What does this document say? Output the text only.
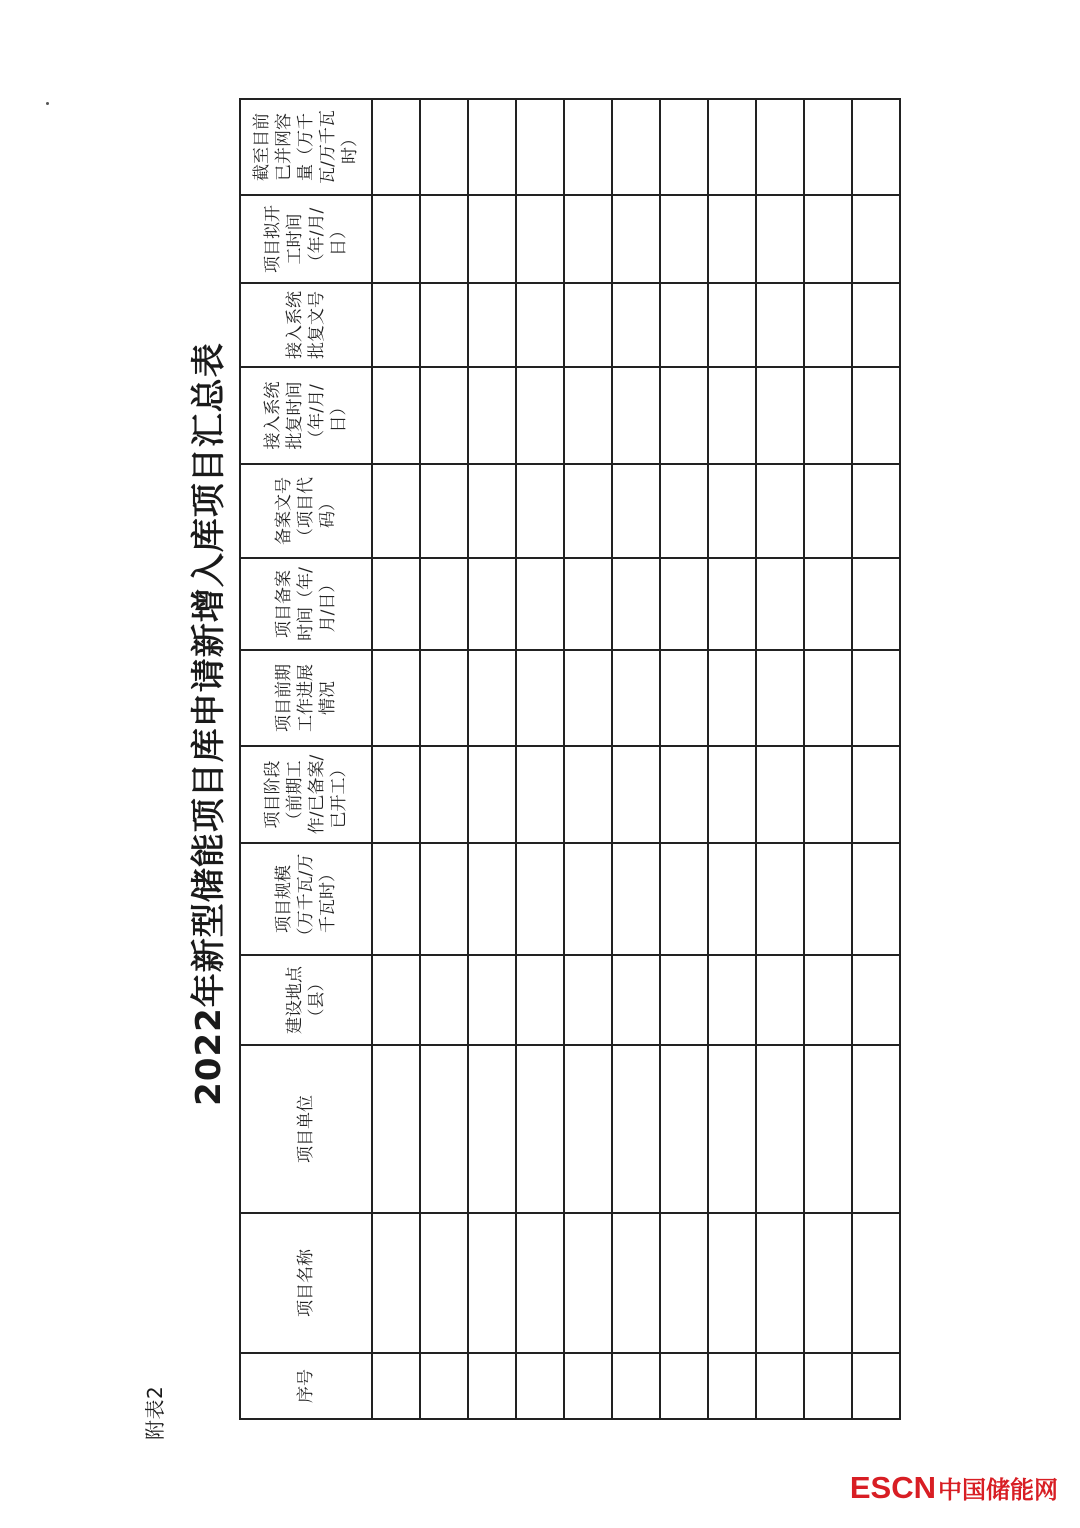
附表2
2022年新型储能项目库申请新增入库项目汇总表
序号	项目名称	项目单位	建设地点（县）	项目规模（万千瓦/万千瓦时）	项目阶段（前期工作/已备案/已开工）	项目前期工作进展情况	项目备案时间（年/月/日）	备案文号（项目代码）	接入系统批复时间（年/月/日）	接入系统批复文号	项目拟开工时间（年/月/日）	截至目前已并网容量（万千瓦/万千瓦时）

ESCN中国储能网
